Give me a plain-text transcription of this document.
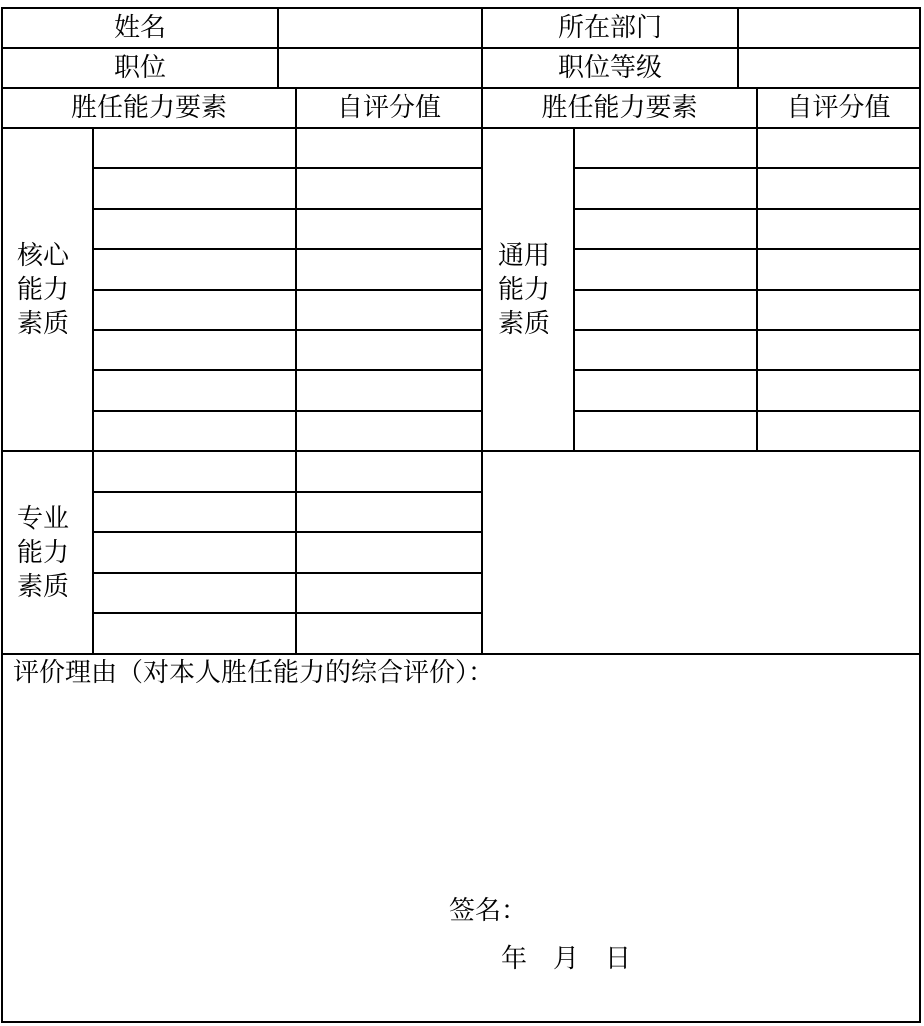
姓名	所在部门
职位	职位等级
胜任能力要素	自评分值	胜任能力要素	自评分值
核心
能力
素质
通用
能力
素质
专业
能力
素质
评价理由（对本人胜任能力的综合评价）：
签名：
年　月　日
